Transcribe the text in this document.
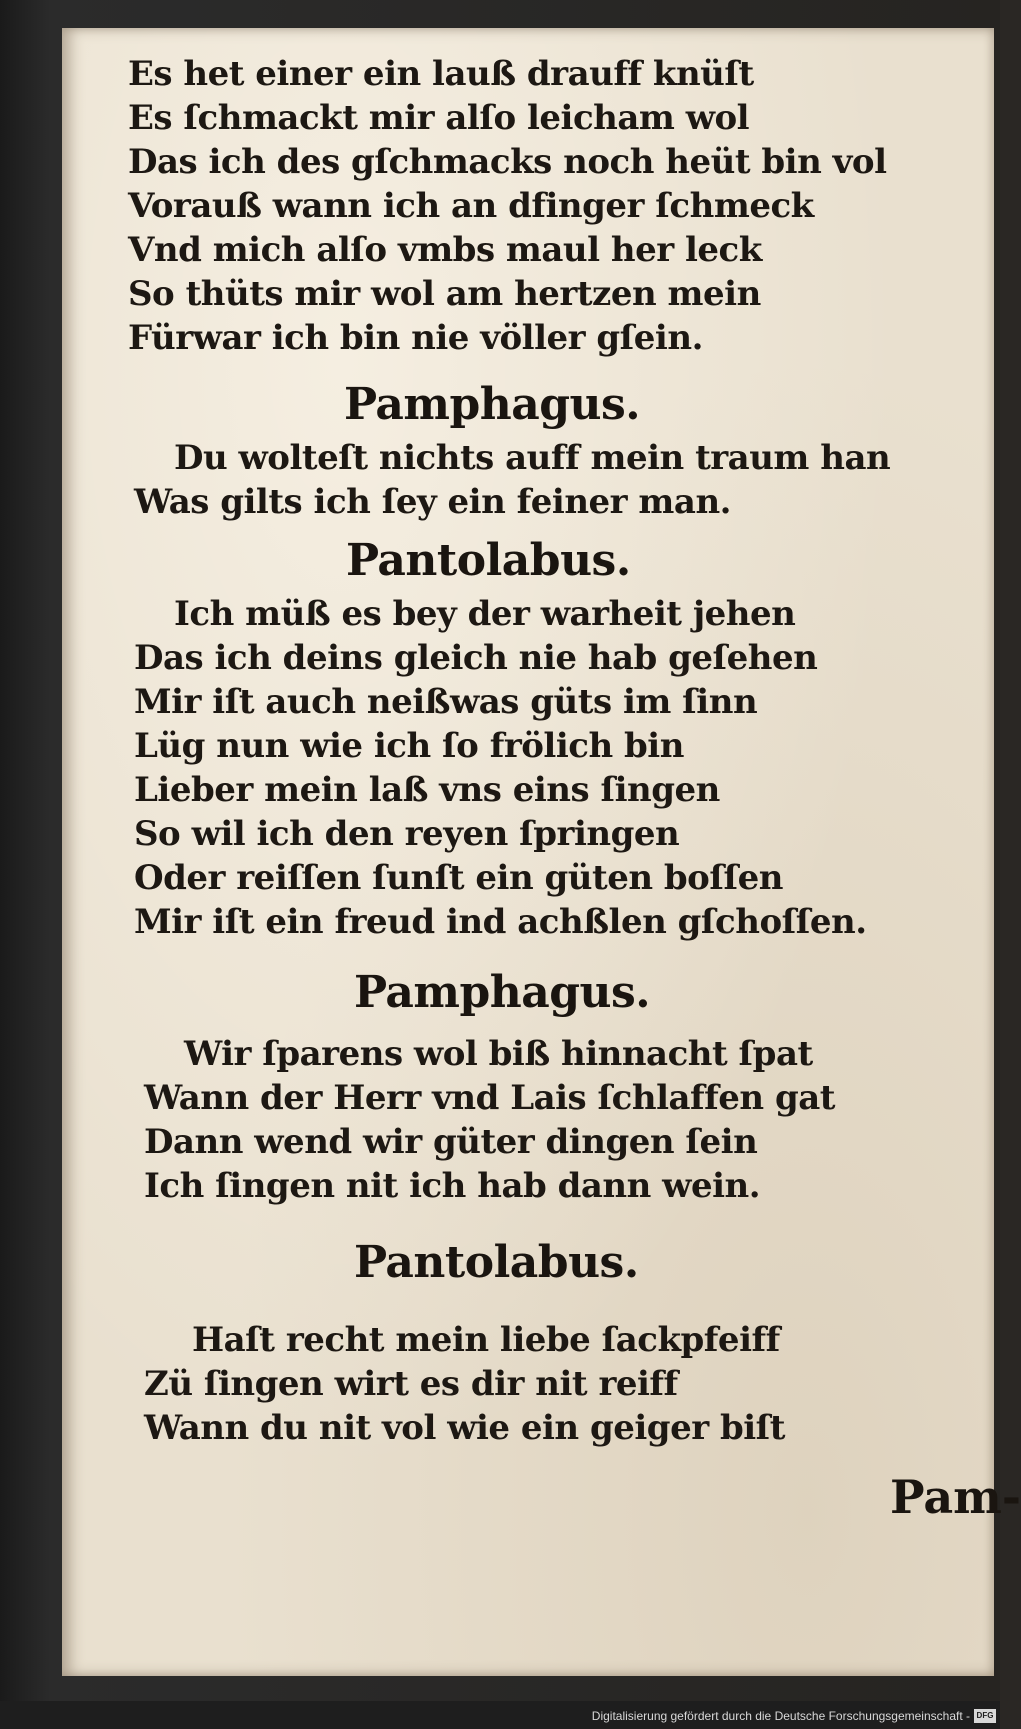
Es het einer ein lauß drauff knüſt
Es ſchmackt mir alſo leicham wol
Das ich des gſchmacks noch heüt bin vol
Vorauß wann ich an dfinger ſchmeck
Vnd mich alſo vmbs maul her leck
So thüts mir wol am hertzen mein
Fürwar ich bin nie völler gſein.
Pamphagus.
Du wolteſt nichts auff mein traum han
Was gilts ich ſey ein feiner man.
Pantolabus.
Ich müß es bey der warheit jehen
Das ich deins gleich nie hab geſehen
Mir iſt auch neißwas güts im ſinn
Lüg nun wie ich ſo frölich bin
Lieber mein laß vns eins ſingen
So wil ich den reyen ſpringen
Oder reiſſen ſunſt ein güten boſſen
Mir iſt ein freud ind achßlen gſchoſſen.
Pamphagus.
Wir ſparens wol biß hinnacht ſpat
Wann der Herr vnd Lais ſchlaffen gat
Dann wend wir güter dingen ſein
Ich ſingen nit ich hab dann wein.
Pantolabus.
Haſt recht mein liebe ſackpfeiff
Zü ſingen wirt es dir nit reiff
Wann du nit vol wie ein geiger biſt
Pam-
Digitalisierung gefördert durch die Deutsche Forschungsgemeinschaft - DFG
